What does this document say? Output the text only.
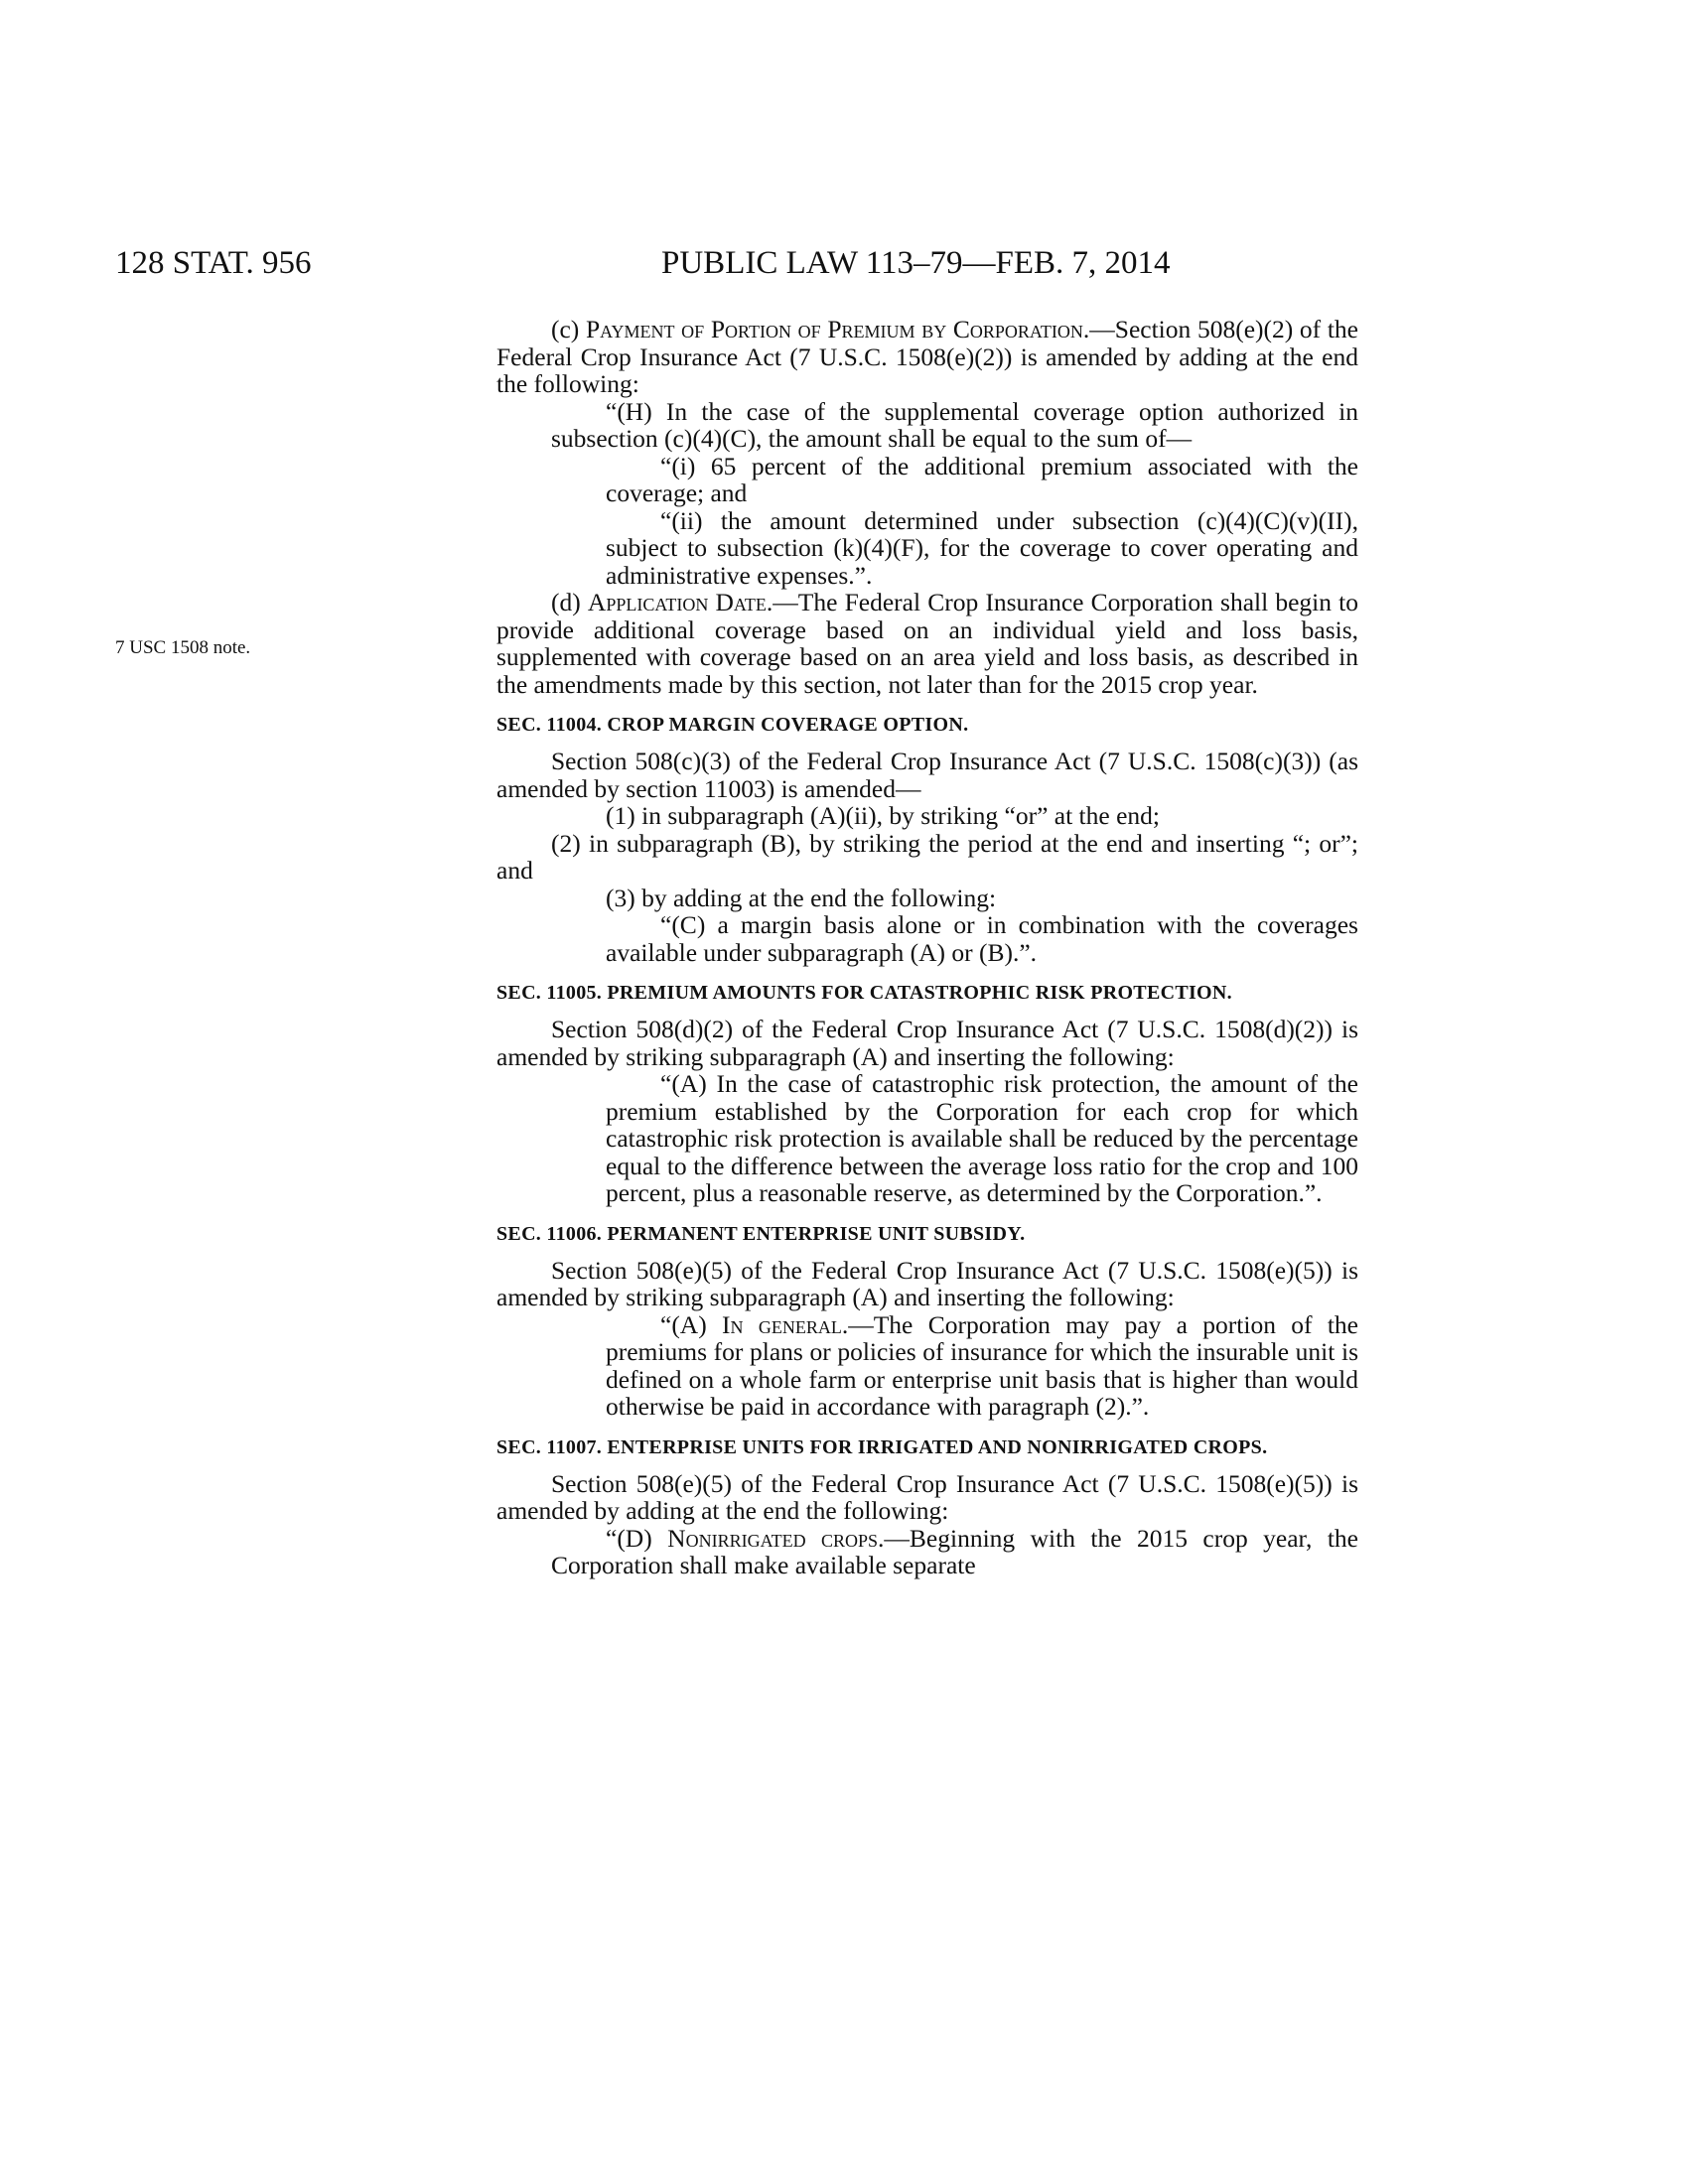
128 STAT. 956	PUBLIC LAW 113–79—FEB. 7, 2014
7 USC 1508 note.

(c) Payment of Portion of Premium by Corporation.—Section 508(e)(2) of the Federal Crop Insurance Act (7 U.S.C. 1508(e)(2)) is amended by adding at the end the following:

“(H) In the case of the supplemental coverage option authorized in subsection (c)(4)(C), the amount shall be equal to the sum of—

“(i) 65 percent of the additional premium associated with the coverage; and

“(ii) the amount determined under subsection (c)(4)(C)(v)(II), subject to subsection (k)(4)(F), for the coverage to cover operating and administrative expenses.”.

(d) Application Date.—The Federal Crop Insurance Corporation shall begin to provide additional coverage based on an individual yield and loss basis, supplemented with coverage based on an area yield and loss basis, as described in the amendments made by this section, not later than for the 2015 crop year.

SEC. 11004. CROP MARGIN COVERAGE OPTION.

Section 508(c)(3) of the Federal Crop Insurance Act (7 U.S.C. 1508(c)(3)) (as amended by section 11003) is amended—

(1) in subparagraph (A)(ii), by striking “or” at the end;

(2) in subparagraph (B), by striking the period at the end and inserting “; or”; and

(3) by adding at the end the following:

“(C) a margin basis alone or in combination with the coverages available under subparagraph (A) or (B).”.

SEC. 11005. PREMIUM AMOUNTS FOR CATASTROPHIC RISK PROTECTION.

Section 508(d)(2) of the Federal Crop Insurance Act (7 U.S.C. 1508(d)(2)) is amended by striking subparagraph (A) and inserting the following:

“(A) In the case of catastrophic risk protection, the amount of the premium established by the Corporation for each crop for which catastrophic risk protection is available shall be reduced by the percentage equal to the difference between the average loss ratio for the crop and 100 percent, plus a reasonable reserve, as determined by the Corporation.”.

SEC. 11006. PERMANENT ENTERPRISE UNIT SUBSIDY.

Section 508(e)(5) of the Federal Crop Insurance Act (7 U.S.C. 1508(e)(5)) is amended by striking subparagraph (A) and inserting the following:

“(A) In general.—The Corporation may pay a portion of the premiums for plans or policies of insurance for which the insurable unit is defined on a whole farm or enterprise unit basis that is higher than would otherwise be paid in accordance with paragraph (2).”.

SEC. 11007. ENTERPRISE UNITS FOR IRRIGATED AND NONIRRIGATED CROPS.

Section 508(e)(5) of the Federal Crop Insurance Act (7 U.S.C. 1508(e)(5)) is amended by adding at the end the following:

“(D) Nonirrigated crops.—Beginning with the 2015 crop year, the Corporation shall make available separate
